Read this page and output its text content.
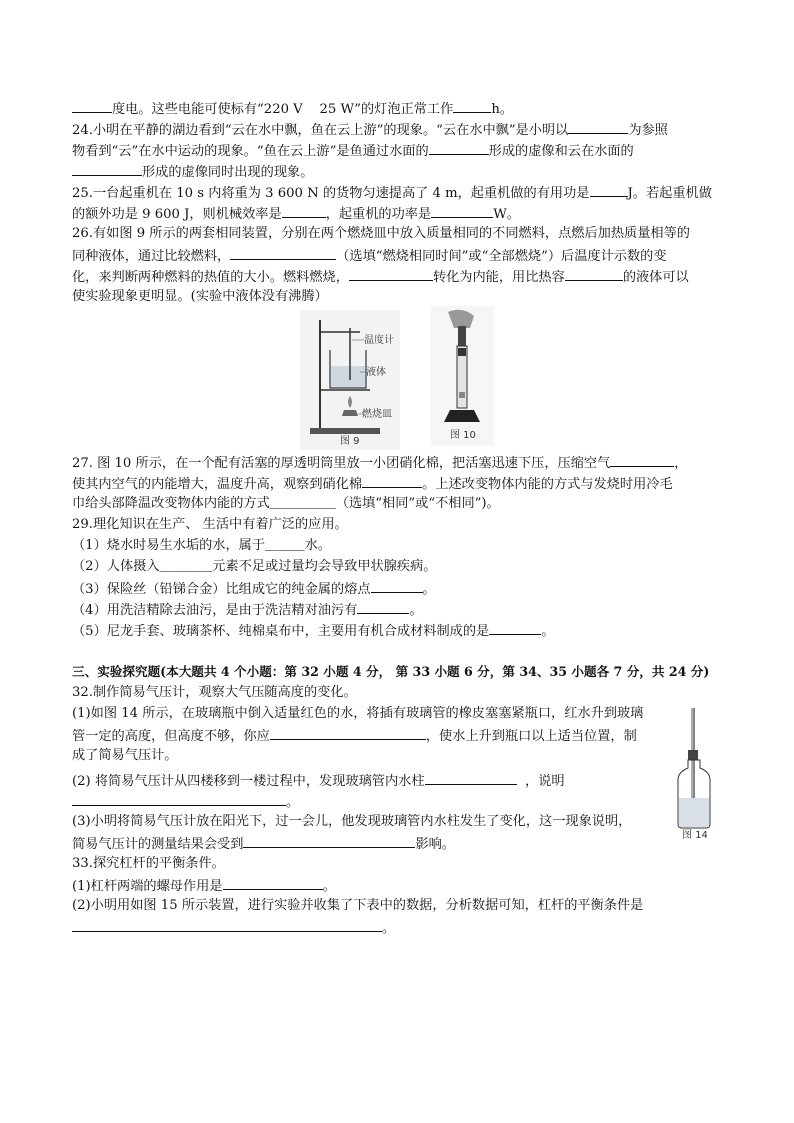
度电。这些电能可使标有“220 V 25 W”的灯泡正常工作	h。
24.小明在平静的湖边看到“云在水中飘，鱼在云上游”的现象。“云在水中飘”是小明以	为参照
物看到“云”在水中运动的现象。“鱼在云上游”是鱼通过水面的	形成的虚像和云在水面的
形成的虚像同时出现的现象。
25.一台起重机在 10 s 内将重为 3 600 N 的货物匀速提高了 4 m，起重机做的有用功是	J。若起重机做
的额外功是 9 600 J，则机械效率是	，起重机的功率是	W。
26.有如图 9 所示的两套相同装置，分别在两个燃烧皿中放入质量相同的不同燃料，点燃后加热质量相等的
同种液体，通过比较燃料，	（选填“燃烧相同时间”或“全部燃烧”）后温度计示数的变
化，来判断两种燃料的热值的大小。燃料燃烧，	转化为内能，用比热容	的液体可以
使实验现象更明显。(实验中液体没有沸腾）
温度计
液体
燃烧皿
图 9
图 10
27. 图 10 所示，在一个配有活塞的厚透明筒里放一小团硝化棉，把活塞迅速下压，压缩空气	，
使其内空气的内能增大，温度升高，观察到硝化棉	。上述改变物体内能的方式与发烧时用冷毛
巾给头部降温改变物体内能的方式＿＿＿＿＿（选填“相同”或“不相同”)。
29.理化知识在生产、 生活中有着广泛的应用。
（1）烧水时易生水垢的水，属于＿＿＿水。
（2）人体摄入＿＿＿＿元素不足或过量均会导致甲状腺疾病。
（3）保险丝（铅锑合金）比组成它的纯金属的熔点	。
（4）用洗洁精除去油污，是由于洗洁精对油污有	。
（5）尼龙手套、玻璃茶杯、纯棉桌布中，主要用有机合成材料制成的是	。
三、实验探究题(本大题共 4 个小题：第 32 小题 4 分， 第 33 小题 6 分，第 34、35 小题各 7 分，共 24 分)
32.制作简易气压计，观察大气压随高度的变化。
(1)如图 14 所示，在玻璃瓶中倒入适量红色的水，将插有玻璃管的橡皮塞塞紧瓶口，红水升到玻璃
管一定的高度，但高度不够，你应	，使水上升到瓶口以上适当位置，制
成了简易气压计。
(2) 将简易气压计从四楼移到一楼过程中，发现玻璃管内水柱	，说明
。
(3)小明将简易气压计放在阳光下，过一会儿，他发现玻璃管内水柱发生了变化，这一现象说明，
简易气压计的测量结果会受到	影响。
图 14
33.探究杠杆的平衡条件。
(1)杠杆两端的螺母作用是	。
(2)小明用如图 15 所示装置，进行实验并收集了下表中的数据，分析数据可知，杠杆的平衡条件是
。
